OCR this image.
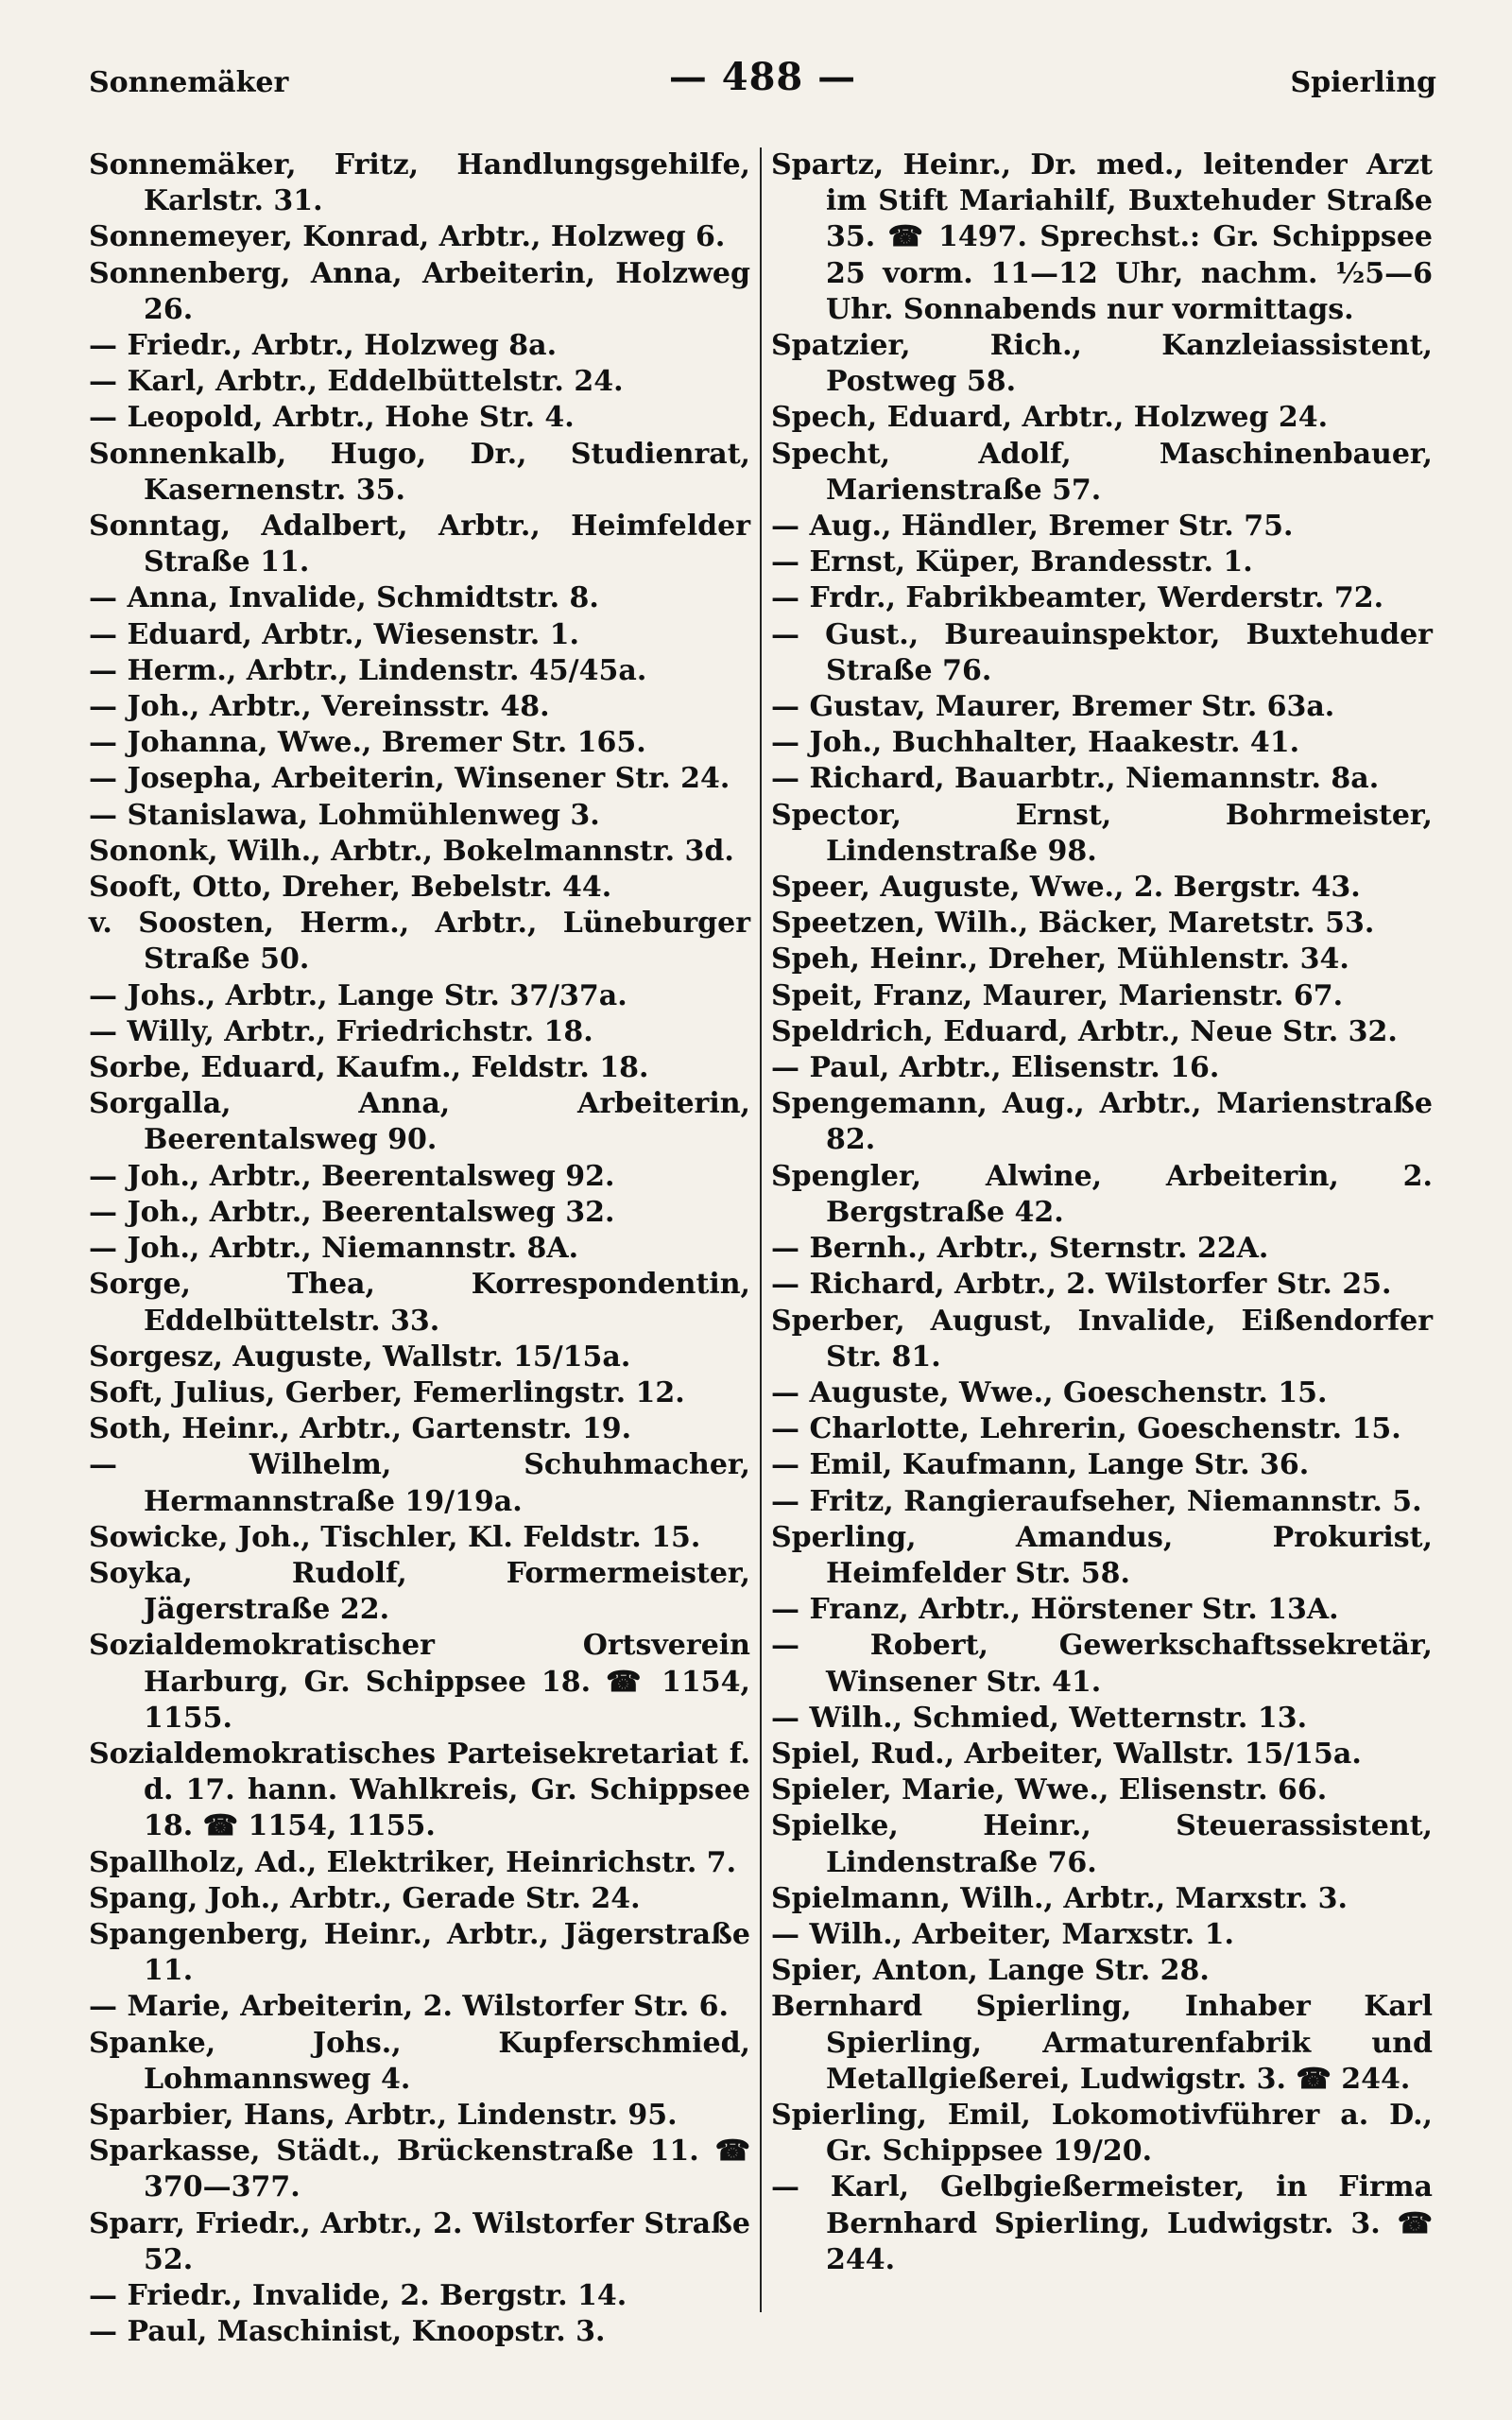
Sonnemäker	— 488 —	Spierling

Sonnemäker, Fritz, Handlungsgehilfe, Karlstr. 31.

Sonnemeyer, Konrad, Arbtr., Holzweg 6.

Sonnenberg, Anna, Arbeiterin, Holzweg 26.

— Friedr., Arbtr., Holzweg 8a.

— Karl, Arbtr., Eddelbüttelstr. 24.

— Leopold, Arbtr., Hohe Str. 4.

Sonnenkalb, Hugo, Dr., Studienrat, Kasernenstr. 35.

Sonntag, Adalbert, Arbtr., Heimfelder Straße 11.

— Anna, Invalide, Schmidtstr. 8.

— Eduard, Arbtr., Wiesenstr. 1.

— Herm., Arbtr., Lindenstr. 45/45a.

— Joh., Arbtr., Vereinsstr. 48.

— Johanna, Wwe., Bremer Str. 165.

— Josepha, Arbeiterin, Winsener Str. 24.

— Stanislawa, Lohmühlenweg 3.

Sononk, Wilh., Arbtr., Bokelmannstr. 3d.

Sooft, Otto, Dreher, Bebelstr. 44.

v. Soosten, Herm., Arbtr., Lüneburger Straße 50.

— Johs., Arbtr., Lange Str. 37/37a.

— Willy, Arbtr., Friedrichstr. 18.

Sorbe, Eduard, Kaufm., Feldstr. 18.

Sorgalla, Anna, Arbeiterin, Beerentalsweg 90.

— Joh., Arbtr., Beerentalsweg 92.

— Joh., Arbtr., Beerentalsweg 32.

— Joh., Arbtr., Niemannstr. 8A.

Sorge, Thea, Korrespondentin, Eddelbüttelstr. 33.

Sorgesz, Auguste, Wallstr. 15/15a.

Soft, Julius, Gerber, Femerlingstr. 12.

Soth, Heinr., Arbtr., Gartenstr. 19.

— Wilhelm, Schuhmacher, Hermannstraße 19/19a.

Sowicke, Joh., Tischler, Kl. Feldstr. 15.

Soyka, Rudolf, Formermeister, Jägerstraße 22.

Sozialdemokratischer Ortsverein Harburg, Gr. Schippsee 18. ☎ 1154, 1155.

Sozialdemokratisches Parteisekretariat f. d. 17. hann. Wahlkreis, Gr. Schippsee 18. ☎ 1154, 1155.

Spallholz, Ad., Elektriker, Heinrichstr. 7.

Spang, Joh., Arbtr., Gerade Str. 24.

Spangenberg, Heinr., Arbtr., Jägerstraße 11.

— Marie, Arbeiterin, 2. Wilstorfer Str. 6.

Spanke, Johs., Kupferschmied, Lohmannsweg 4.

Sparbier, Hans, Arbtr., Lindenstr. 95.

Sparkasse, Städt., Brückenstraße 11. ☎ 370—377.

Sparr, Friedr., Arbtr., 2. Wilstorfer Straße 52.

— Friedr., Invalide, 2. Bergstr. 14.

— Paul, Maschinist, Knoopstr. 3.

Spartz, Heinr., Dr. med., leitender Arzt im Stift Mariahilf, Buxtehuder Straße 35. ☎ 1497. Sprechst.: Gr. Schippsee 25 vorm. 11—12 Uhr, nachm. ½5—6 Uhr. Sonnabends nur vormittags.

Spatzier, Rich., Kanzleiassistent, Postweg 58.

Spech, Eduard, Arbtr., Holzweg 24.

Specht, Adolf, Maschinenbauer, Marienstraße 57.

— Aug., Händler, Bremer Str. 75.

— Ernst, Küper, Brandesstr. 1.

— Frdr., Fabrikbeamter, Werderstr. 72.

— Gust., Bureauinspektor, Buxtehuder Straße 76.

— Gustav, Maurer, Bremer Str. 63a.

— Joh., Buchhalter, Haakestr. 41.

— Richard, Bauarbtr., Niemannstr. 8a.

Spector, Ernst, Bohrmeister, Lindenstraße 98.

Speer, Auguste, Wwe., 2. Bergstr. 43.

Speetzen, Wilh., Bäcker, Maretstr. 53.

Speh, Heinr., Dreher, Mühlenstr. 34.

Speit, Franz, Maurer, Marienstr. 67.

Speldrich, Eduard, Arbtr., Neue Str. 32.

— Paul, Arbtr., Elisenstr. 16.

Spengemann, Aug., Arbtr., Marienstraße 82.

Spengler, Alwine, Arbeiterin, 2. Bergstraße 42.

— Bernh., Arbtr., Sternstr. 22A.

— Richard, Arbtr., 2. Wilstorfer Str. 25.

Sperber, August, Invalide, Eißendorfer Str. 81.

— Auguste, Wwe., Goeschenstr. 15.

— Charlotte, Lehrerin, Goeschenstr. 15.

— Emil, Kaufmann, Lange Str. 36.

— Fritz, Rangieraufseher, Niemannstr. 5.

Sperling, Amandus, Prokurist, Heimfelder Str. 58.

— Franz, Arbtr., Hörstener Str. 13A.

— Robert, Gewerkschaftssekretär, Winsener Str. 41.

— Wilh., Schmied, Wetternstr. 13.

Spiel, Rud., Arbeiter, Wallstr. 15/15a.

Spieler, Marie, Wwe., Elisenstr. 66.

Spielke, Heinr., Steuerassistent, Lindenstraße 76.

Spielmann, Wilh., Arbtr., Marxstr. 3.

— Wilh., Arbeiter, Marxstr. 1.

Spier, Anton, Lange Str. 28.

Bernhard Spierling, Inhaber Karl Spierling, Armaturenfabrik und Metallgießerei, Ludwigstr. 3. ☎ 244.

Spierling, Emil, Lokomotivführer a. D., Gr. Schippsee 19/20.

— Karl, Gelbgießermeister, in Firma Bernhard Spierling, Ludwigstr. 3. ☎ 244.
